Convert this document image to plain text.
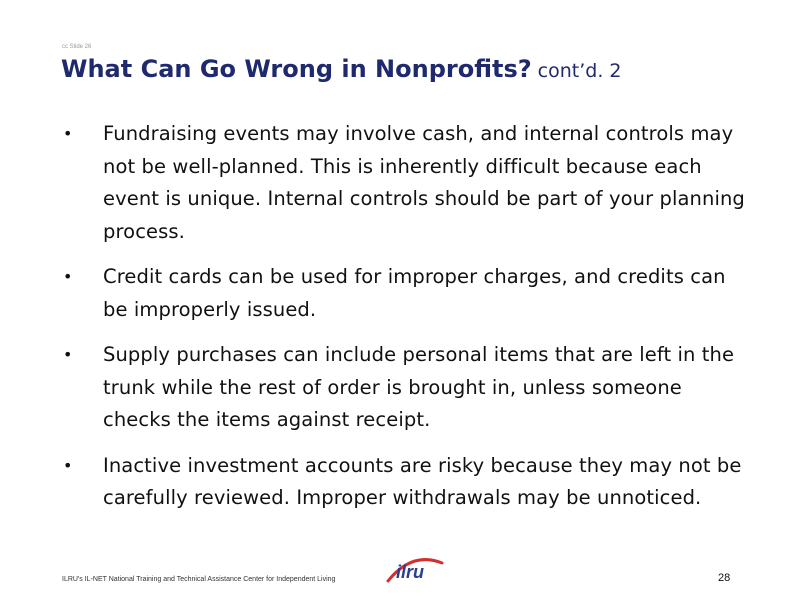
cc Slide 26
What Can Go Wrong in Nonprofits? cont’d. 2
•	Fundraising events may involve cash, and internal controls may not be well-planned. This is inherently difficult because each event is unique. Internal controls should be part of your planning process.
•	Credit cards can be used for improper charges, and credits can be improperly issued.
•	Supply purchases can include personal items that are left in the trunk while the rest of order is brought in, unless someone checks the items against receipt.
•	Inactive investment accounts are risky because they may not be carefully reviewed. Improper withdrawals may be unnoticed.
ILRU's IL-NET National Training and Technical Assistance Center for Independent Living	ilru	28
